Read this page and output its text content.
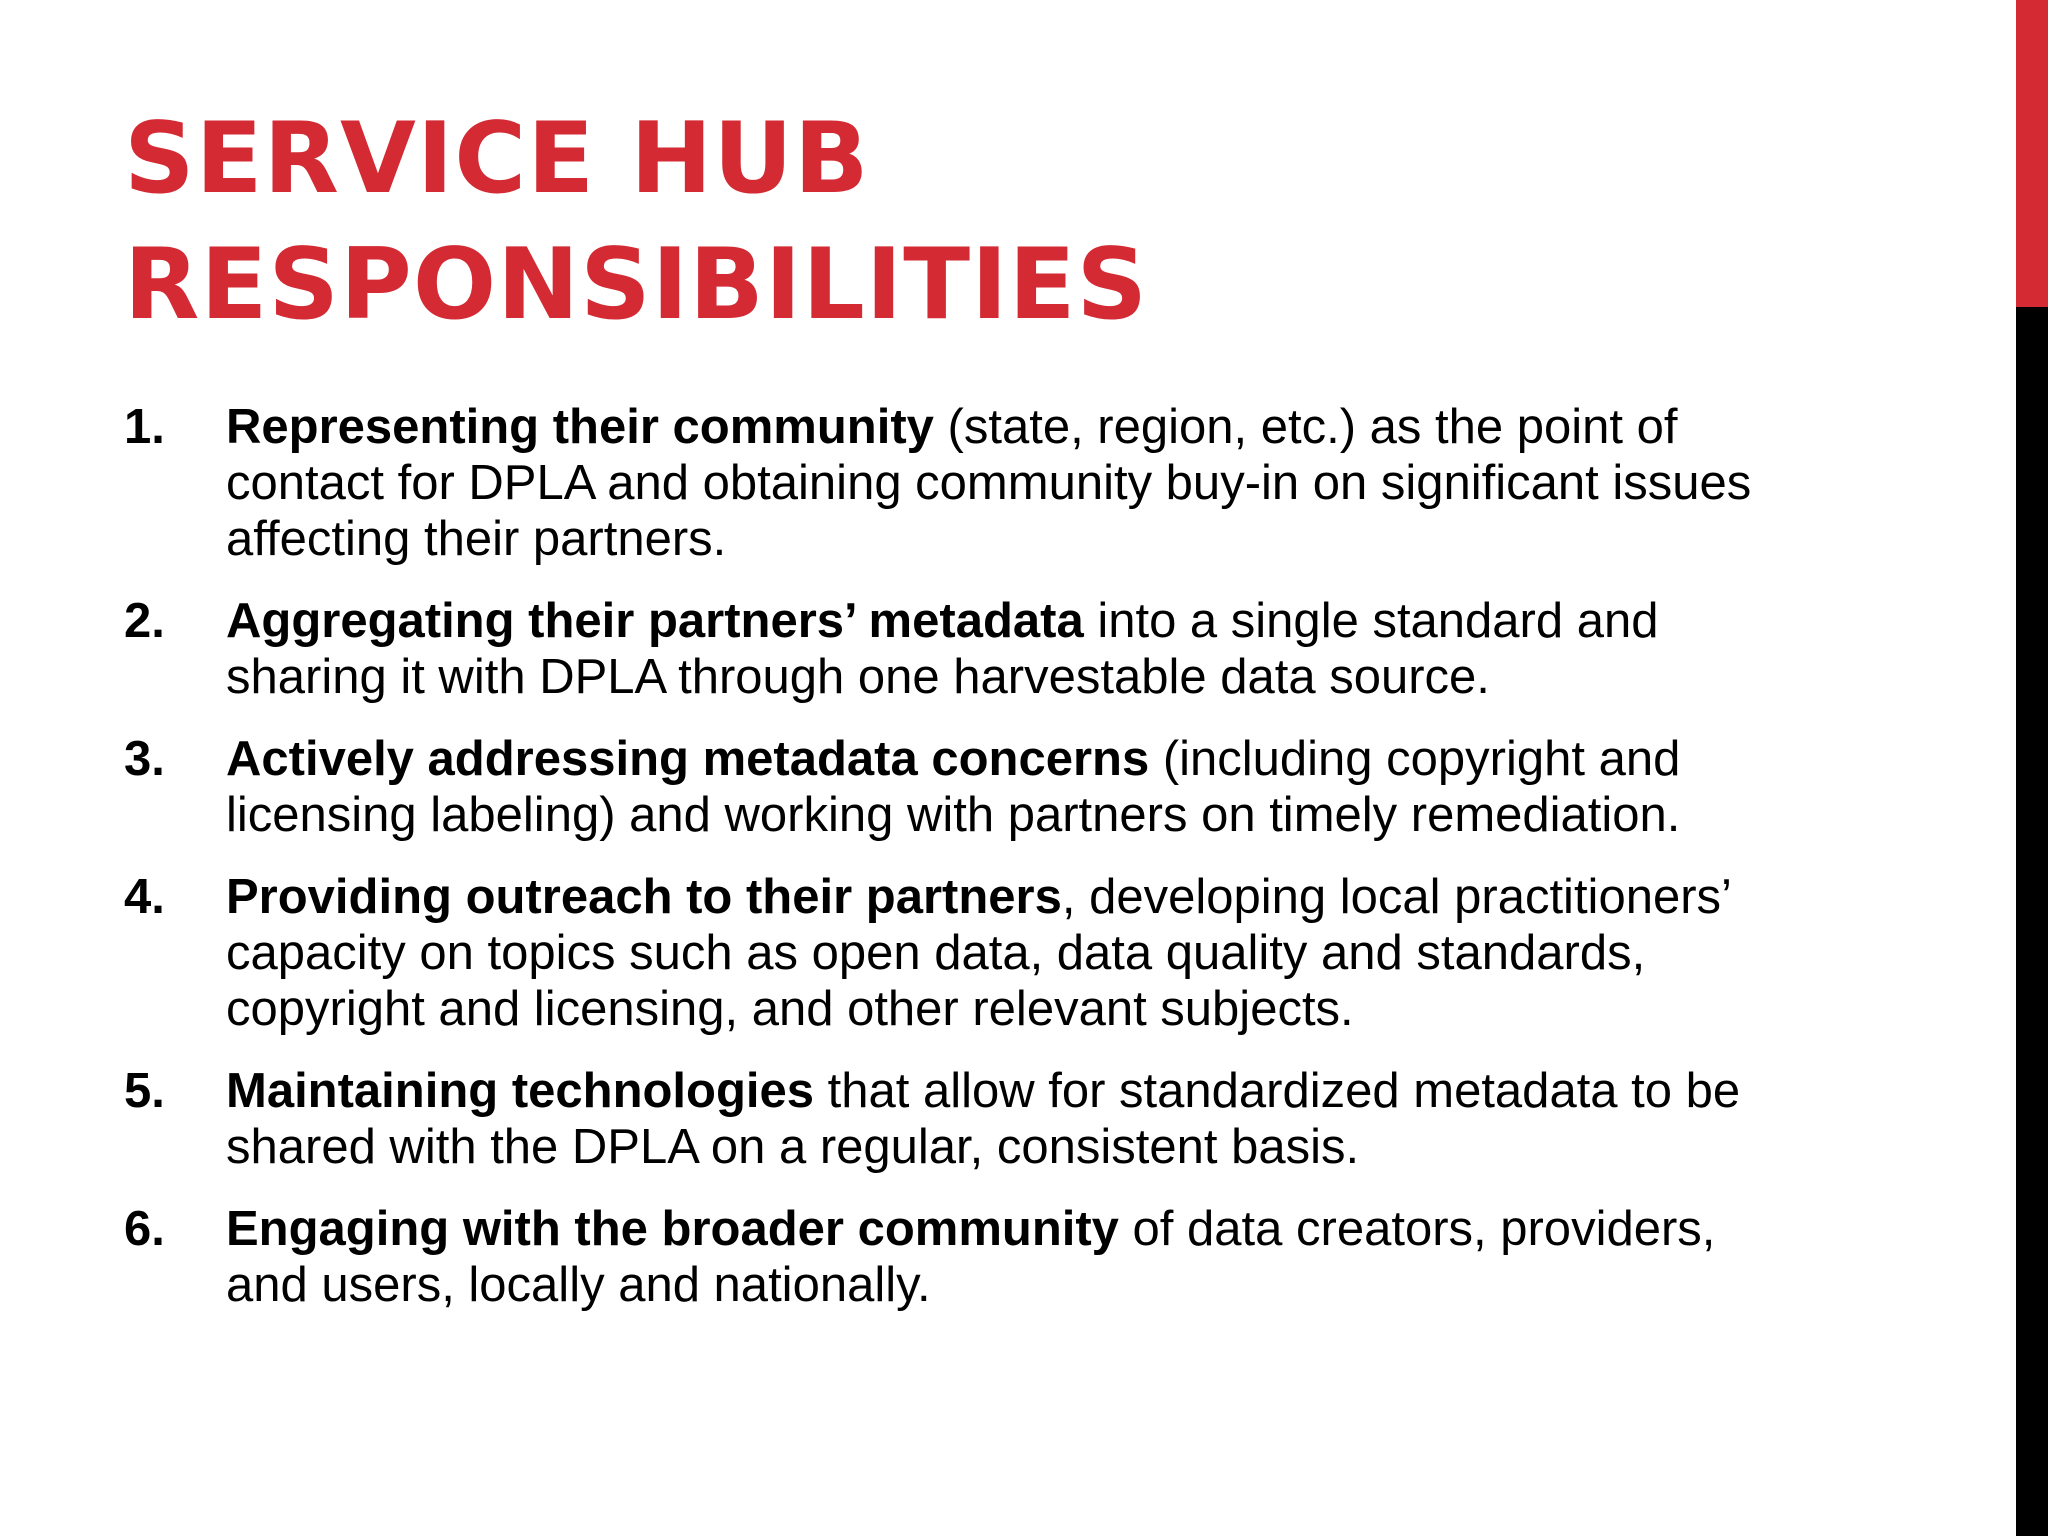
SERVICE HUB
RESPONSIBILITIES
1. Representing their community (state, region, etc.) as the point of contact for DPLA and obtaining community buy-in on significant issues affecting their partners.
2. Aggregating their partners’ metadata into a single standard and sharing it with DPLA through one harvestable data source.
3. Actively addressing metadata concerns (including copyright and licensing labeling) and working with partners on timely remediation.
4. Providing outreach to their partners, developing local practitioners’ capacity on topics such as open data, data quality and standards, copyright and licensing, and other relevant subjects.
5. Maintaining technologies that allow for standardized metadata to be shared with the DPLA on a regular, consistent basis.
6. Engaging with the broader community of data creators, providers, and users, locally and nationally.
